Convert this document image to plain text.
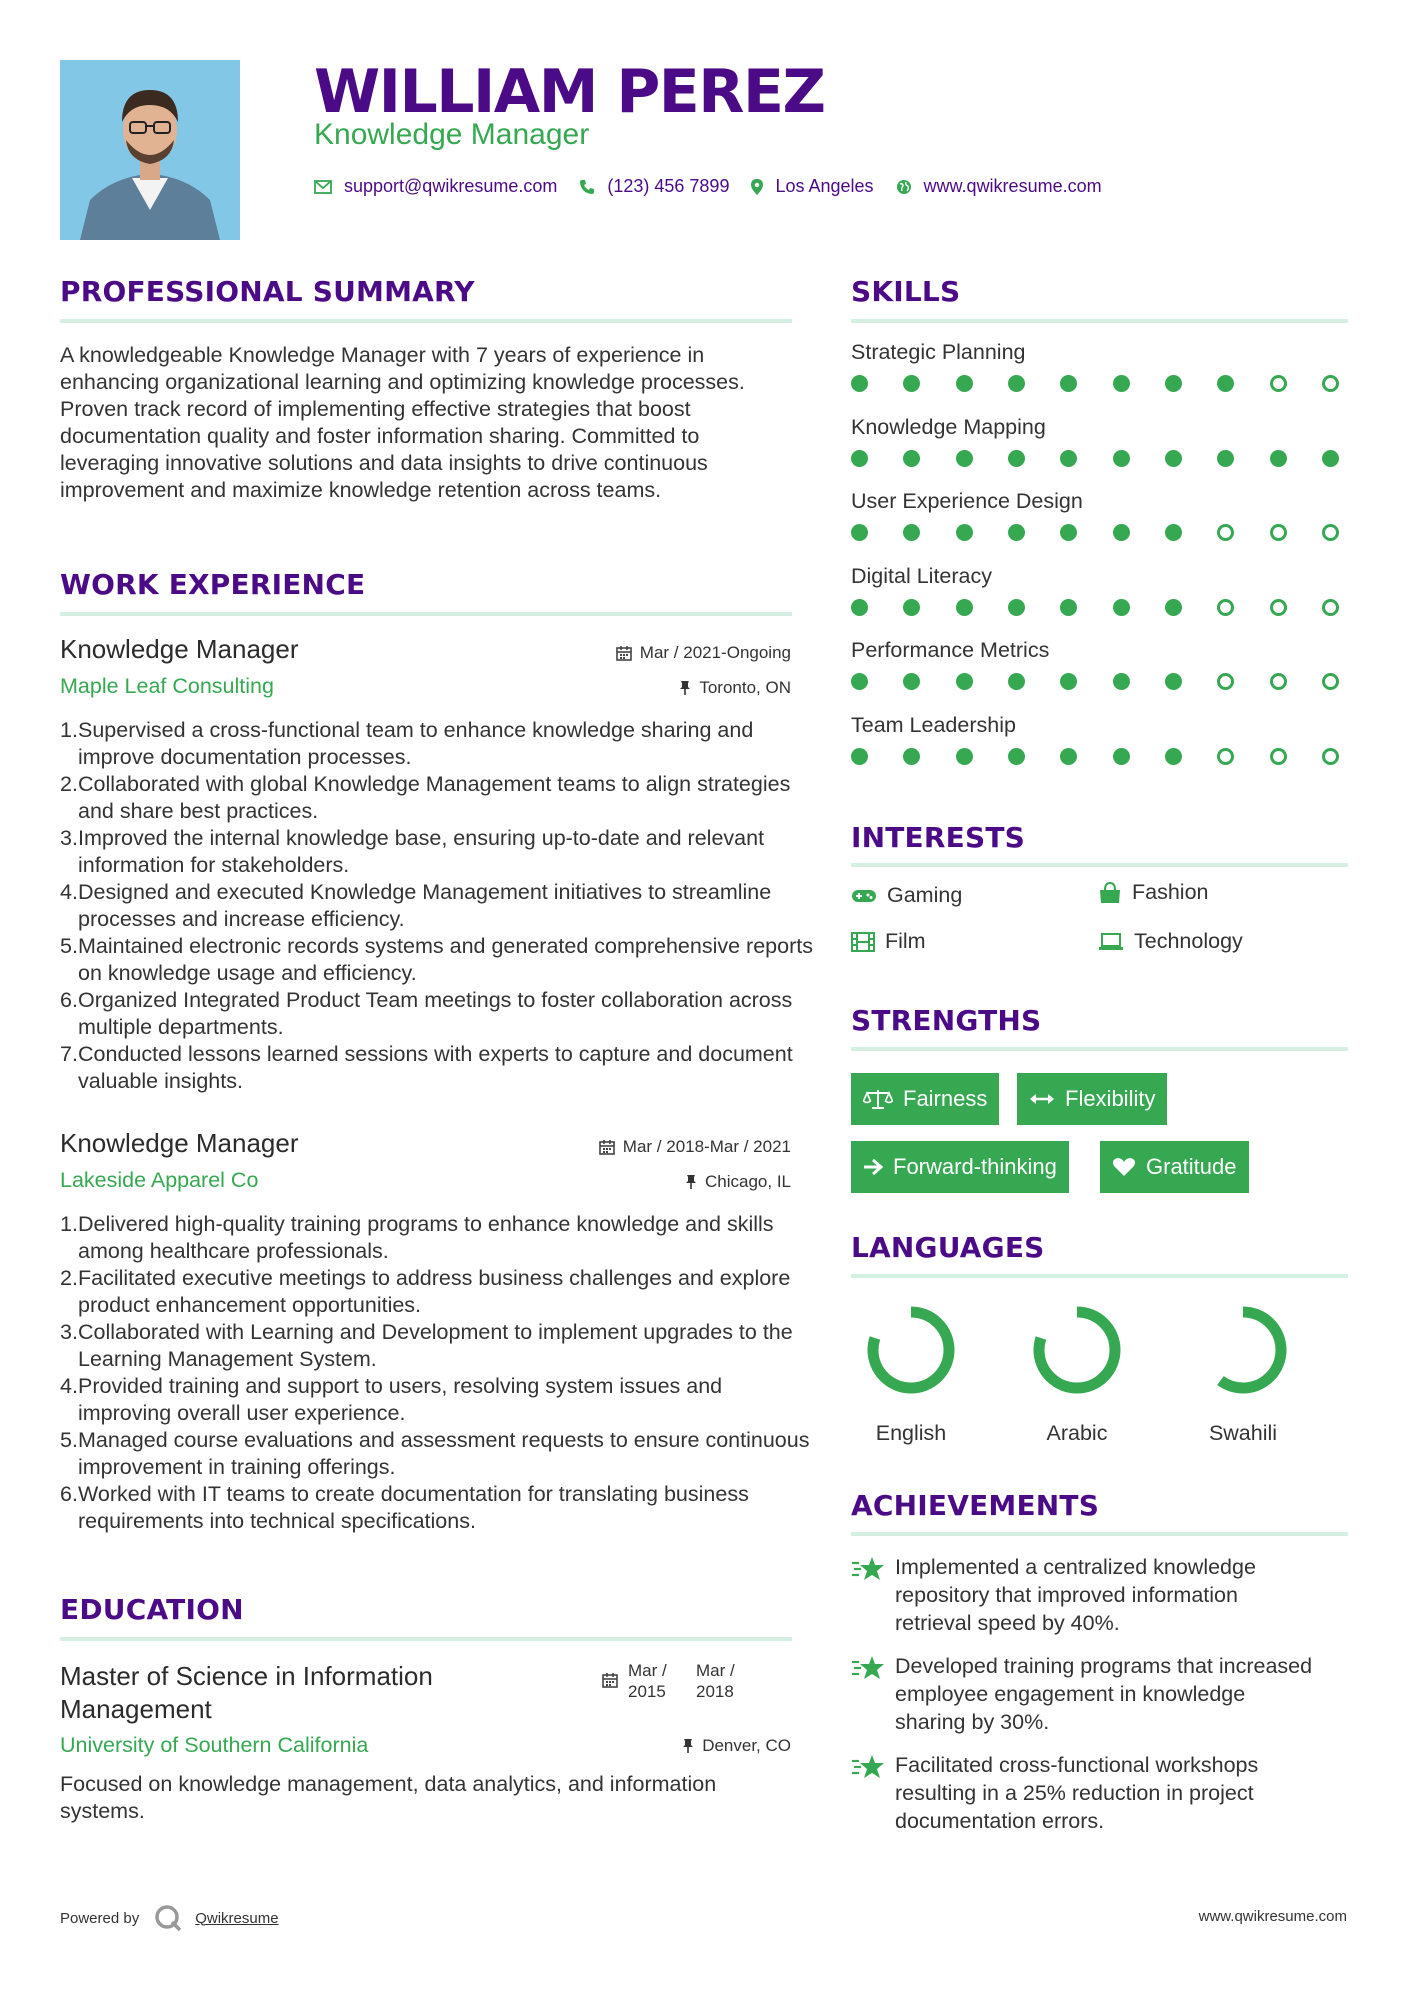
WILLIAM PEREZ
Knowledge Manager
support@qwikresume.com	(123) 456 7899	Los Angeles	www.qwikresume.com
PROFESSIONAL SUMMARY
A knowledgeable Knowledge Manager with 7 years of experience in enhancing organizational learning and optimizing knowledge processes. Proven track record of implementing effective strategies that boost documentation quality and foster information sharing. Committed to leveraging innovative solutions and data insights to drive continuous improvement and maximize knowledge retention across teams.
WORK EXPERIENCE
Knowledge Manager	Mar / 2021-Ongoing
Maple Leaf Consulting	Toronto, ON
1. Supervised a cross-functional team to enhance knowledge sharing and improve documentation processes.
2. Collaborated with global Knowledge Management teams to align strategies and share best practices.
3. Improved the internal knowledge base, ensuring up-to-date and relevant information for stakeholders.
4. Designed and executed Knowledge Management initiatives to streamline processes and increase efficiency.
5. Maintained electronic records systems and generated comprehensive reports on knowledge usage and efficiency.
6. Organized Integrated Product Team meetings to foster collaboration across multiple departments.
7. Conducted lessons learned sessions with experts to capture and document valuable insights.
Knowledge Manager	Mar / 2018-Mar / 2021
Lakeside Apparel Co	Chicago, IL
1. Delivered high-quality training programs to enhance knowledge and skills among healthcare professionals.
2. Facilitated executive meetings to address business challenges and explore product enhancement opportunities.
3. Collaborated with Learning and Development to implement upgrades to the Learning Management System.
4. Provided training and support to users, resolving system issues and improving overall user experience.
5. Managed course evaluations and assessment requests to ensure continuous improvement in training offerings.
6. Worked with IT teams to create documentation for translating business requirements into technical specifications.
EDUCATION
Master of Science in Information
Management
Mar /
2015
Mar /
2018
University of Southern California	Denver, CO
Focused on knowledge management, data analytics, and information systems.
SKILLS
Strategic Planning
Knowledge Mapping
User Experience Design
Digital Literacy
Performance Metrics
Team Leadership
INTERESTS
Gaming	Fashion
Film	Technology
STRENGTHS
Fairness	Flexibility
Forward-thinking	Gratitude
LANGUAGES
English	Arabic	Swahili
ACHIEVEMENTS
Implemented a centralized knowledge repository that improved information retrieval speed by 40%.
Developed training programs that increased employee engagement in knowledge sharing by 30%.
Facilitated cross-functional workshops resulting in a 25% reduction in project documentation errors.
Powered by	Qwikresume	www.qwikresume.com
